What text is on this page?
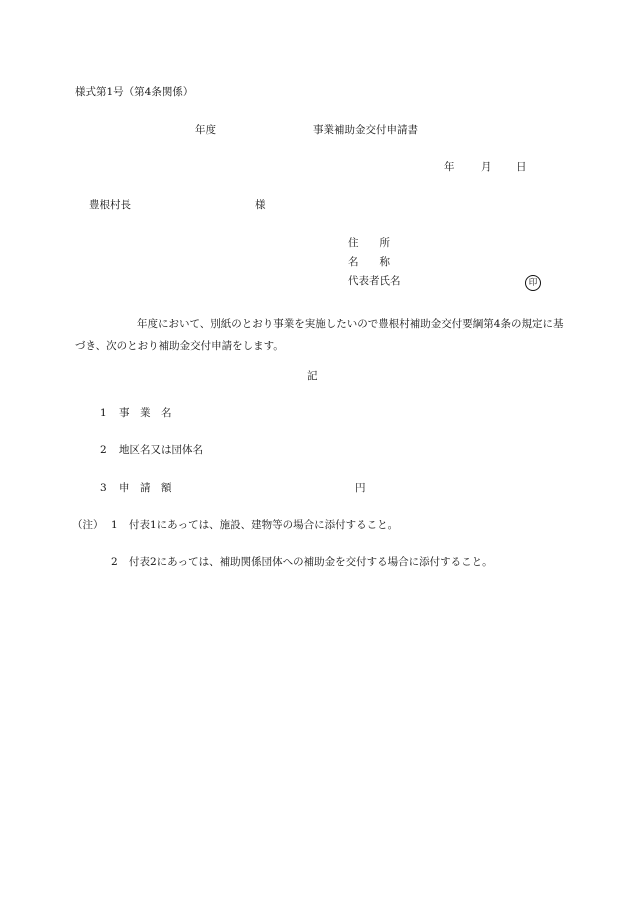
様式第1号（第4条関係）
年度	事業補助金交付申請書
年	月 日
豊根村長	様
住　　所
名　　称
代表者氏名	印
年度において、別紙のとおり事業を実施したいので豊根村補助金交付要綱第4条の規定に基づき、次のとおり補助金交付申請をします。
記
1 事　業　名
2 地区名又は団体名
3 申　請　額	円
（注） 1 付表1にあっては、施設、建物等の場合に添付すること。
2 付表2にあっては、補助関係団体への補助金を交付する場合に添付すること。
